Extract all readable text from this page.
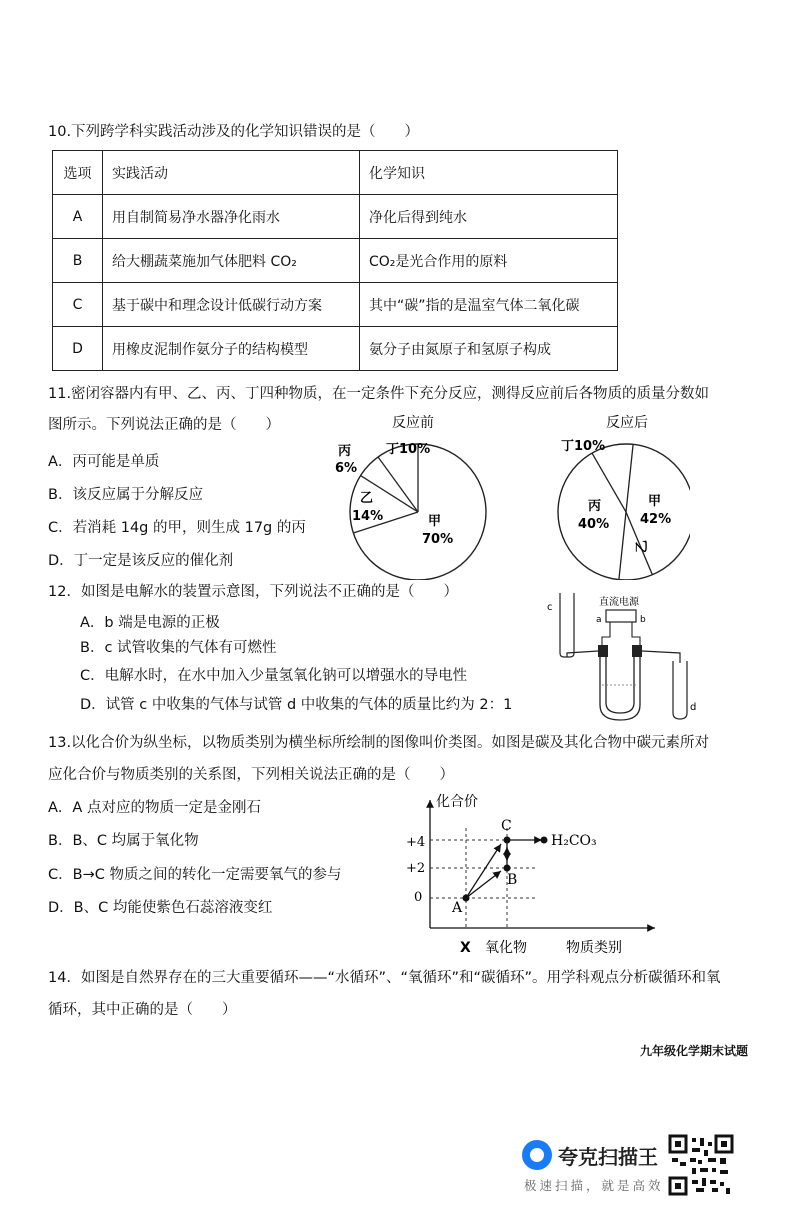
10.下列跨学科实践活动涉及的化学知识错误的是（　　）
选项	实践活动	化学知识
A	用自制简易净水器净化雨水	净化后得到纯水
B	给大棚蔬菜施加气体肥料 CO₂	CO₂是光合作用的原料
C	基于碳中和理念设计低碳行动方案	其中“碳”指的是温室气体二氧化碳
D	用橡皮泥制作氨分子的结构模型	氨分子由氮原子和氢原子构成
11.密闭容器内有甲、乙、丙、丁四种物质，在一定条件下充分反应，测得反应前后各物质的质量分数如
图所示。下列说法正确的是（　　）
A．丙可能是单质
B．该反应属于分解反应
C．若消耗 14g 的甲，则生成 17g 的丙
D．丁一定是该反应的催化剂
反应前
丁10%
丙
6%
乙
14%	甲
70%
反应后
丁10%
丙
40%
甲
42%
乙
12．如图是电解水的装置示意图，下列说法不正确的是（　　）
A．b 端是电源的正极
B．c 试管收集的气体有可燃性
C．电解水时，在水中加入少量氢氧化钠可以增强水的导电性
D．试管 c 中收集的气体与试管 d 中收集的气体的质量比约为 2：1
直流电源
a	b
c
d
13.以化合价为纵坐标，以物质类别为横坐标所绘制的图像叫价类图。如图是碳及其化合物中碳元素所对
应化合价与物质类别的关系图，下列相关说法正确的是（　　）
A．A 点对应的物质一定是金刚石
B．B、C 均属于氧化物
C．B→C 物质之间的转化一定需要氧气的参与
D．B、C 均能使紫色石蕊溶液变红
化合价
+4
+2
0
X 氧化物	物质类别
A
B
C
H₂CO₃
14．如图是自然界存在的三大重要循环——“水循环”、“氧循环”和“碳循环”。用学科观点分析碳循环和氧
循环，其中正确的是（　　）
九年级化学期末试题
夸克扫描王
极速扫描，就是高效
